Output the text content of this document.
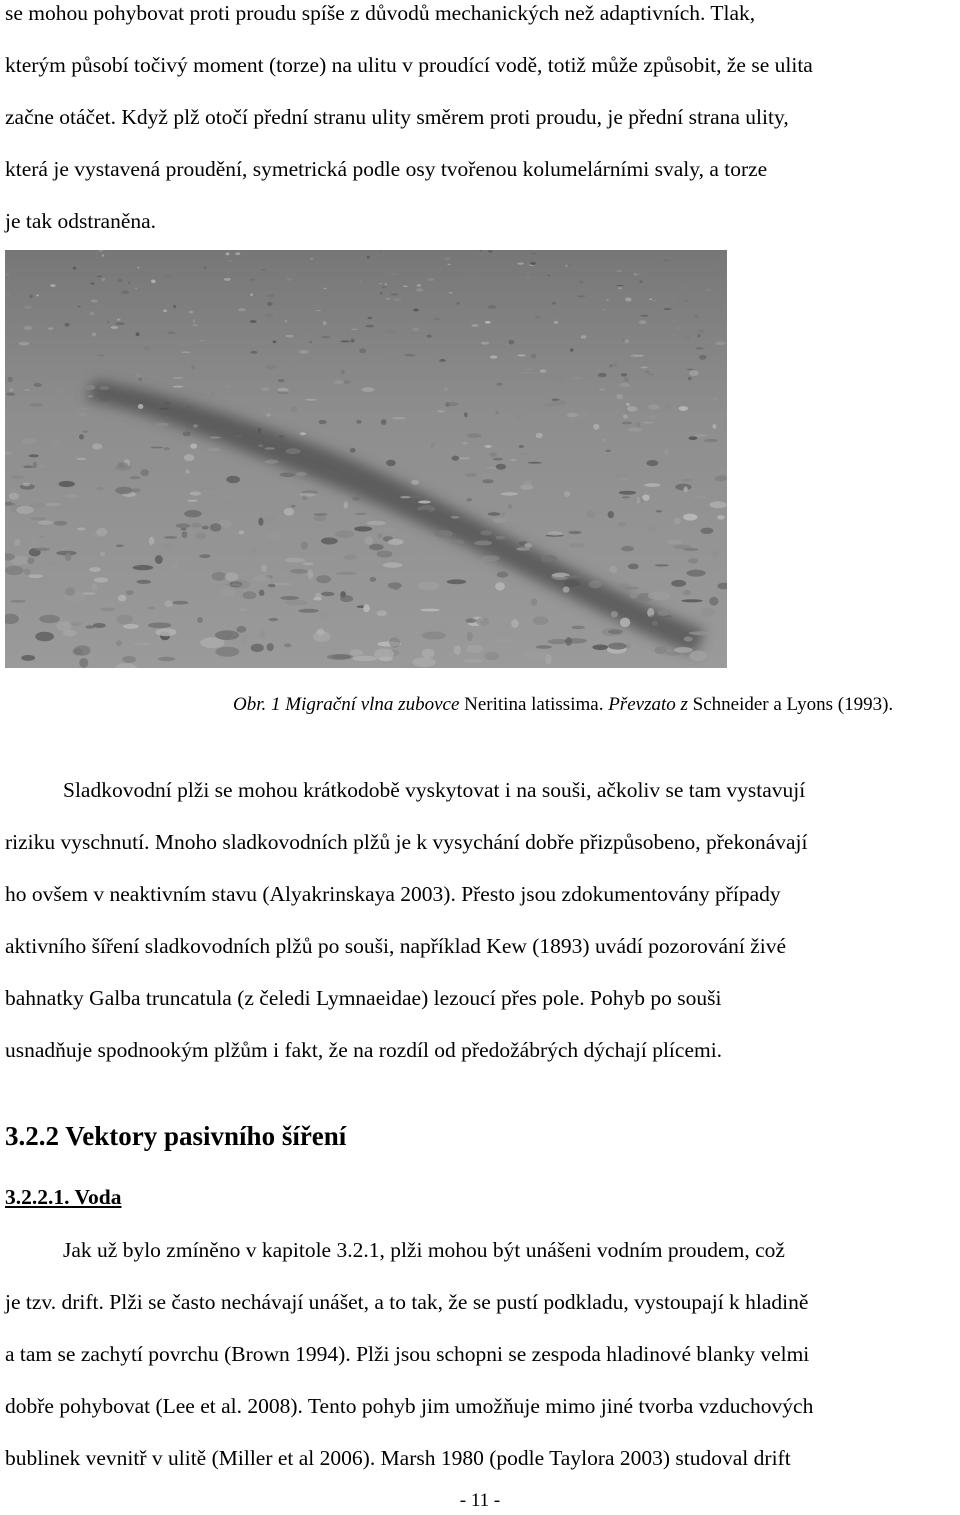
se mohou pohybovat proti proudu spíše z důvodů mechanických než adaptivních. Tlak,
kterým působí točivý moment (torze) na ulitu v proudící vodě, totiž může způsobit, že se ulita
začne otáčet. Když plž otočí přední stranu ulity směrem proti proudu, je přední strana ulity,
která je vystavená proudění, symetrická podle osy tvořenou kolumelárními svaly, a torze
je tak odstraněna.
Obr. 1 Migrační vlna zubovce Neritina latissima. Převzato z Schneider a Lyons (1993).
Sladkovodní plži se mohou krátkodobě vyskytovat i na souši, ačkoliv se tam vystavují
riziku vyschnutí. Mnoho sladkovodních plžů je k vysychání dobře přizpůsobeno, překonávají
ho ovšem v neaktivním stavu (Alyakrinskaya 2003). Přesto jsou zdokumentovány případy
aktivního šíření sladkovodních plžů po souši, například Kew (1893) uvádí pozorování živé
bahnatky Galba truncatula (z čeledi Lymnaeidae) lezoucí přes pole. Pohyb po souši
usnadňuje spodnookým plžům i fakt, že na rozdíl od předožábrých dýchají plícemi.
3.2.2 Vektory pasivního šíření
3.2.2.1. Voda
Jak už bylo zmíněno v kapitole 3.2.1, plži mohou být unášeni vodním proudem, což
je tzv. drift. Plži se často nechávají unášet, a to tak, že se pustí podkladu, vystoupají k hladině
a tam se zachytí povrchu (Brown 1994). Plži jsou schopni se zespoda hladinové blanky velmi
dobře pohybovat (Lee et al. 2008). Tento pohyb jim umožňuje mimo jiné tvorba vzduchových
bublinek vevnitř v ulitě (Miller et al 2006). Marsh 1980 (podle Taylora 2003) studoval drift
- 11 -
